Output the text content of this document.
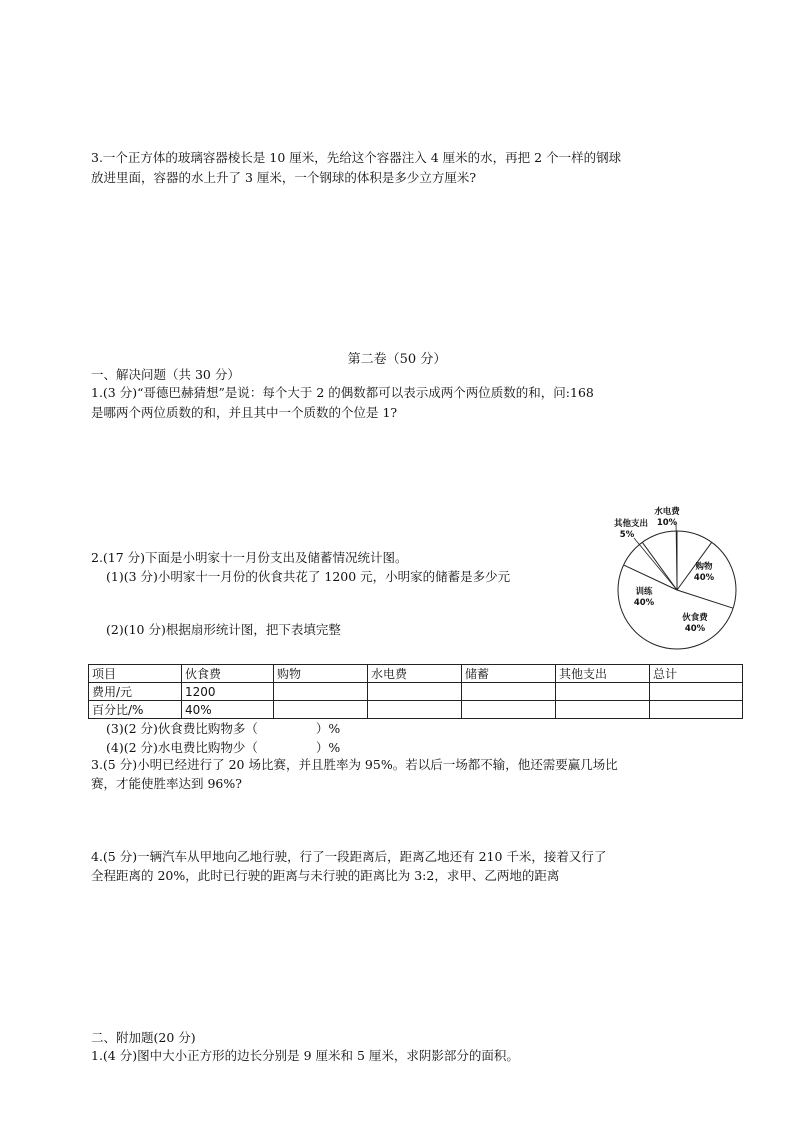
3.一个正方体的玻璃容器棱长是 10 厘米，先给这个容器注入 4 厘米的水，再把 2 个一样的钢球
放进里面，容器的水上升了 3 厘米，一个钢球的体积是多少立方厘米?
第二卷（50 分）
一、解决问题（共 30 分）
1.(3 分)“哥德巴赫猜想”是说：每个大于 2 的偶数都可以表示成两个两位质数的和，问:168
是哪两个两位质数的和，并且其中一个质数的个位是 1?
2.(17 分)下面是小明家十一月份支出及储蓄情况统计图。
(1)(3 分)小明家十一月份的伙食共花了 1200 元，小明家的储蓄是多少元
(2)(10 分)根据扇形统计图，把下表填完整
水电费
10%
购物
40%
伙食费
40%
训练
40%
其他支出
5%
项目	伙食费	购物	水电费	储蓄	其他支出	总计
费用/元	1200					
百分比/%	40%					
(3)(2 分)伙食费比购物多（	）%
(4)(2 分)水电费比购物少（	）%
3.(5 分)小明已经进行了 20 场比赛，并且胜率为 95%。若以后一场都不输，他还需要赢几场比
赛，才能使胜率达到 96%?
4.(5 分)一辆汽车从甲地向乙地行驶，行了一段距离后，距离乙地还有 210 千米，接着又行了
全程距离的 20%，此时已行驶的距离与未行驶的距离比为 3:2，求甲、乙两地的距离
二、附加题(20 分)
1.(4 分)图中大小正方形的边长分别是 9 厘米和 5 厘米，求阴影部分的面积。
